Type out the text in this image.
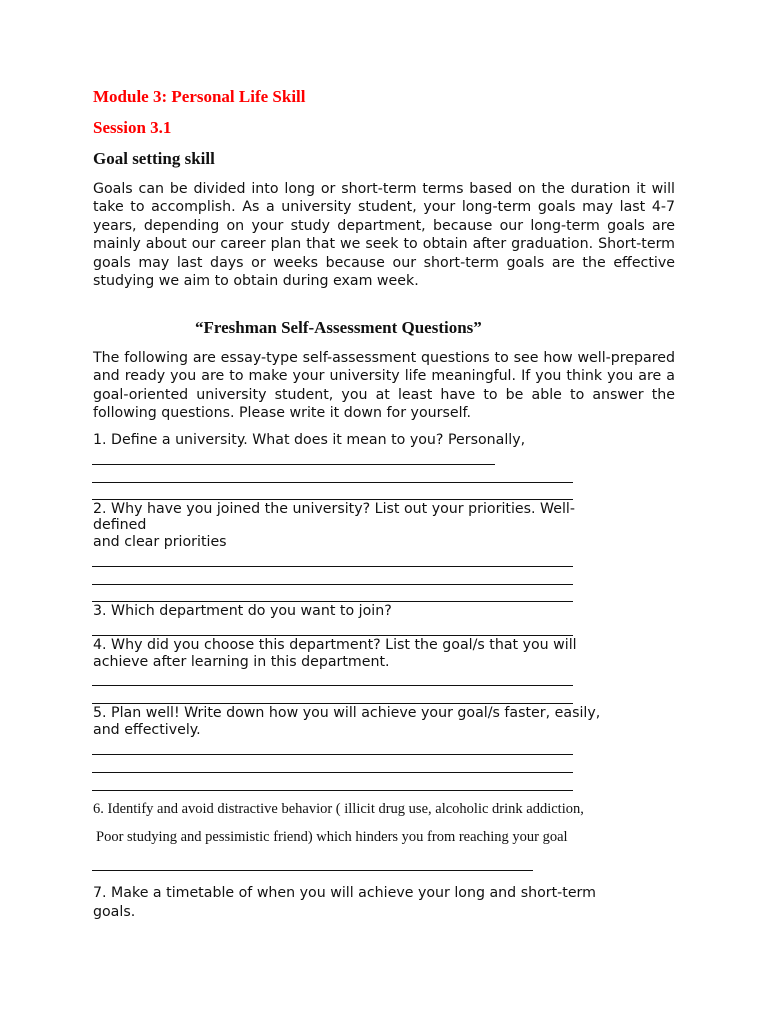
Module 3: Personal Life Skill
Session 3.1
Goal setting skill
Goals can be divided into long or short-term terms based on the duration it will take to accomplish. As a university student, your long-term goals may last 4-7 years, depending on your study department, because our long-term goals are mainly about our career plan that we seek to obtain after graduation. Short-term goals may last days or weeks because our short-term goals are the effective studying we aim to obtain during exam week.
“Freshman Self-Assessment Questions”
The following are essay-type self-assessment questions to see how well-prepared and ready you are to make your university life meaningful. If you think you are a goal-oriented university student, you at least have to be able to answer the following questions. Please write it down for yourself.
1. Define a university. What does it mean to you? Personally,
2. Why have you joined the university? List out your priorities. Well-
defined
and clear priorities
3. Which department do you want to join?
4. Why did you choose this department? List the goal/s that you will
achieve after learning in this department.
5. Plan well! Write down how you will achieve your goal/s faster, easily,
and effectively.
6. Identify and avoid distractive behavior ( illicit drug use, alcoholic drink addiction,
Poor studying and pessimistic friend) which hinders you from reaching your goal
7. Make a timetable of when you will achieve your long and short-term
goals.
